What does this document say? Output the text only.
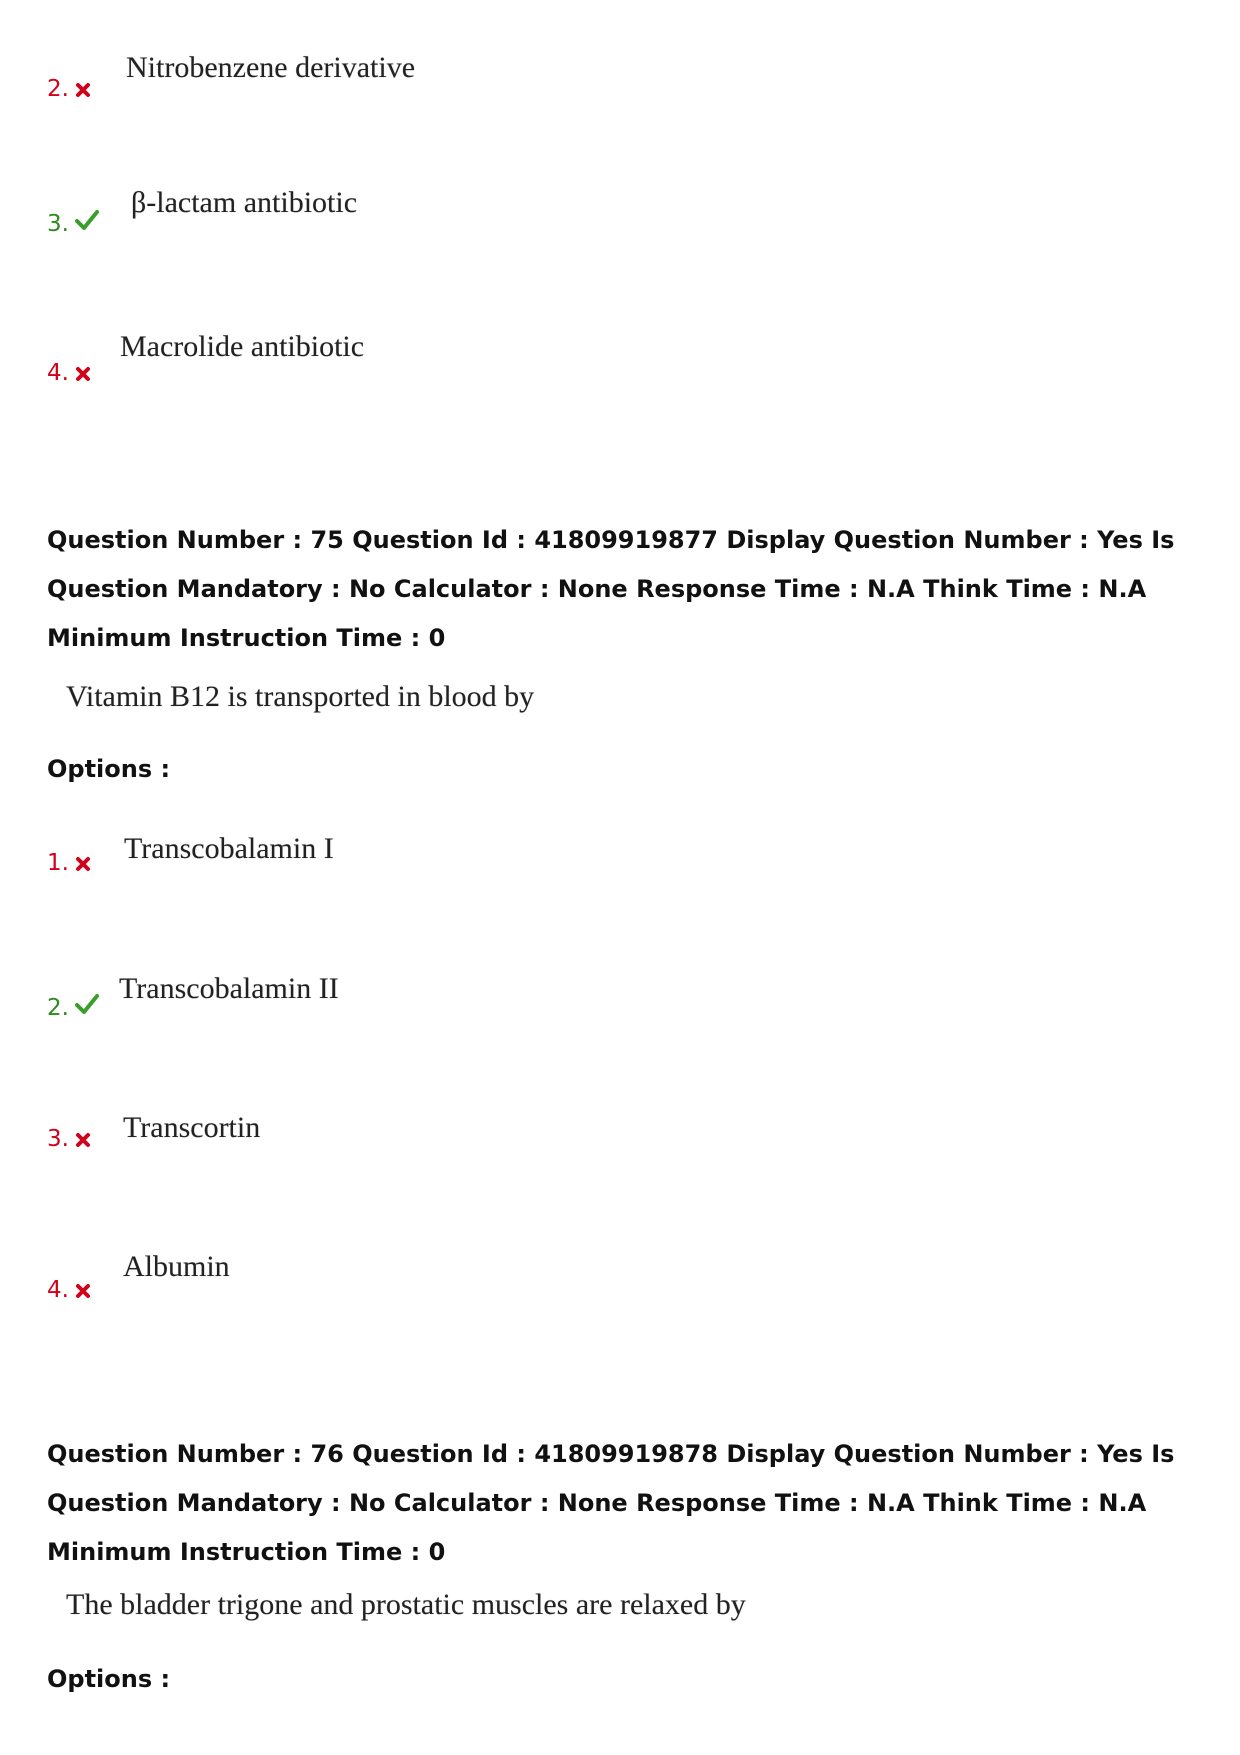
2.
Nitrobenzene derivative
3.
β-lactam antibiotic
4.
Macrolide antibiotic
Question Number : 75 Question Id : 41809919877 Display Question Number : Yes Is Question Mandatory : No Calculator : None Response Time : N.A Think Time : N.A Minimum Instruction Time : 0
Vitamin B12 is transported in blood by
Options :
1. Transcobalamin I
2.
Transcobalamin II
3. Transcortin
4.
Albumin
Question Number : 76 Question Id : 41809919878 Display Question Number : Yes Is Question Mandatory : No Calculator : None Response Time : N.A Think Time : N.A Minimum Instruction Time : 0
The bladder trigone and prostatic muscles are relaxed by
Options :
